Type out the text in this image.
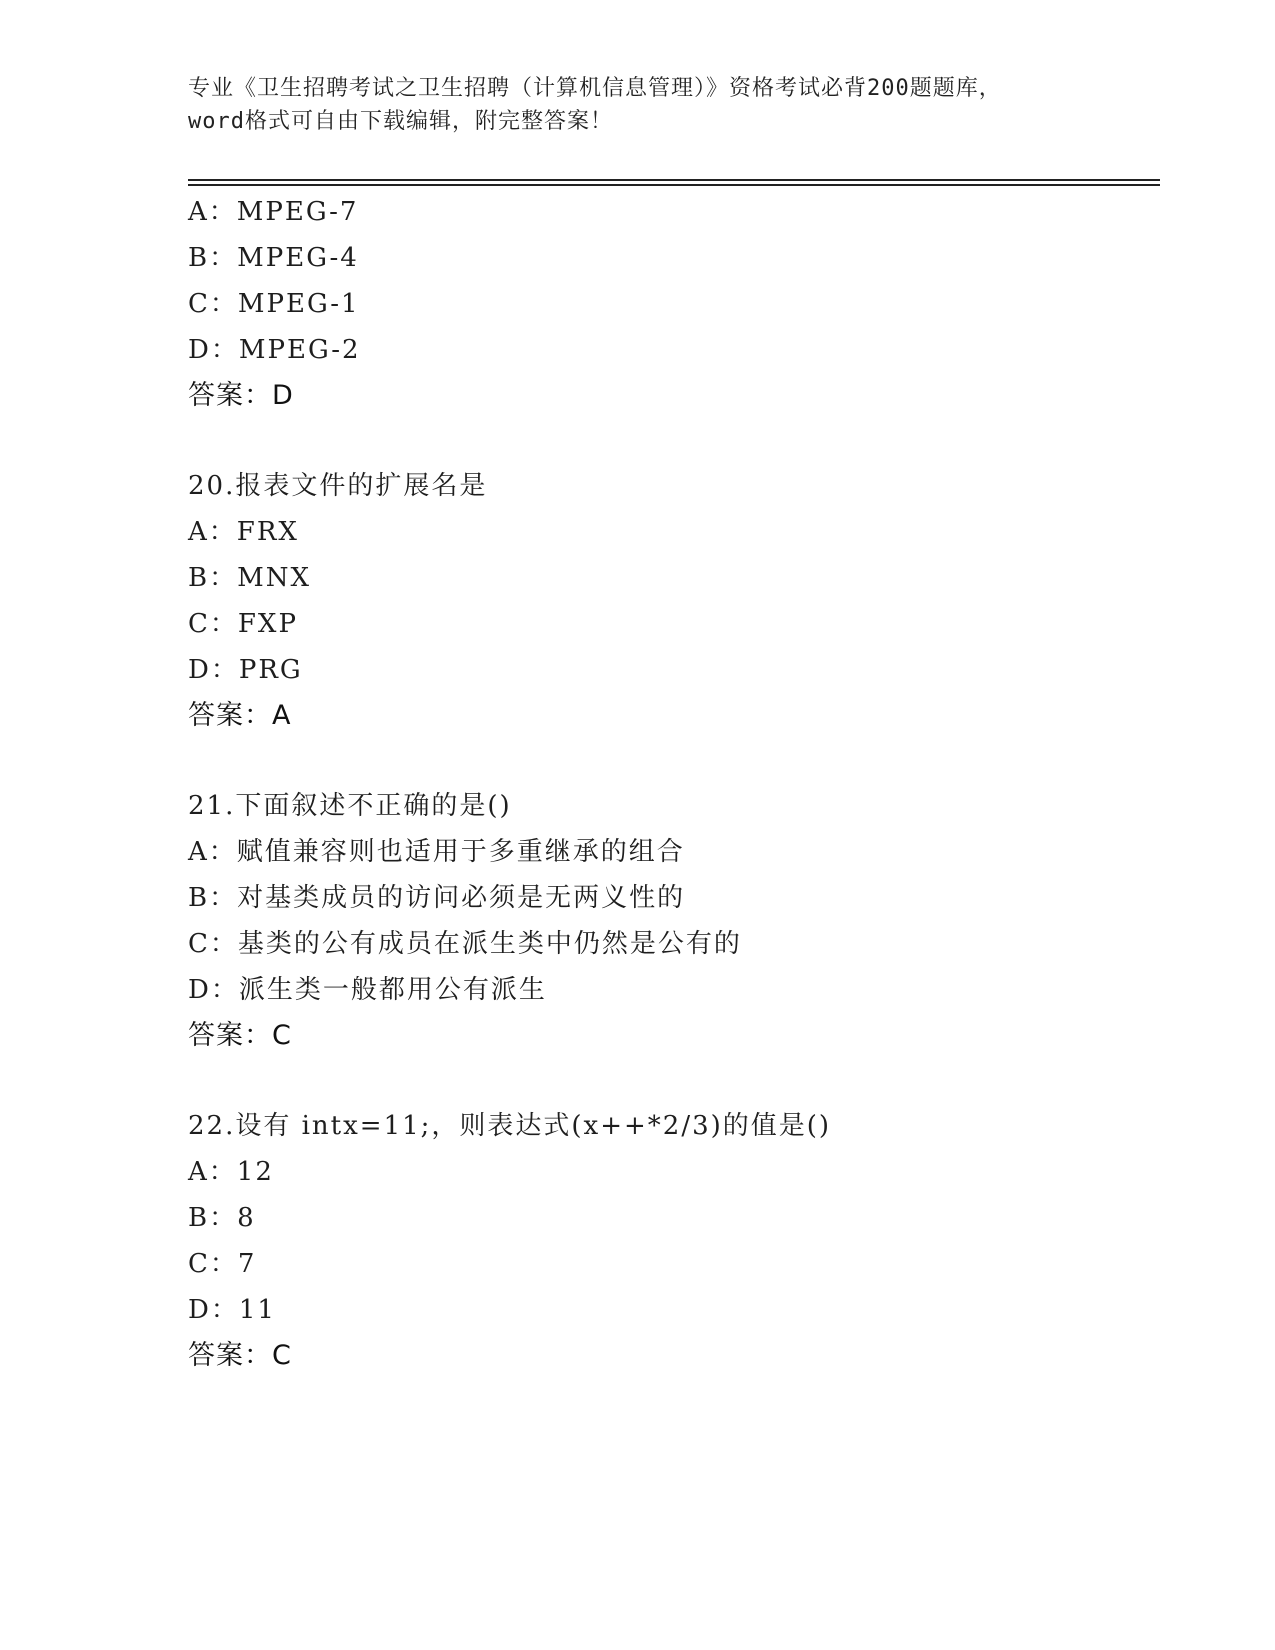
专业《卫生招聘考试之卫生招聘（计算机信息管理）》资格考试必背200题题库，
word格式可自由下载编辑，附完整答案！
A：MPEG-7
B：MPEG-4
C：MPEG-1
D：MPEG-2
答案：D
20.报表文件的扩展名是
A：FRX
B：MNX
C：FXP
D：PRG
答案：A
21.下面叙述不正确的是()
A：赋值兼容则也适用于多重继承的组合
B：对基类成员的访问必须是无两义性的
C：基类的公有成员在派生类中仍然是公有的
D：派生类一般都用公有派生
答案：C
22.设有 intx=11;，则表达式(x++*2/3)的值是()
A：12
B：8
C：7
D：11
答案：C
